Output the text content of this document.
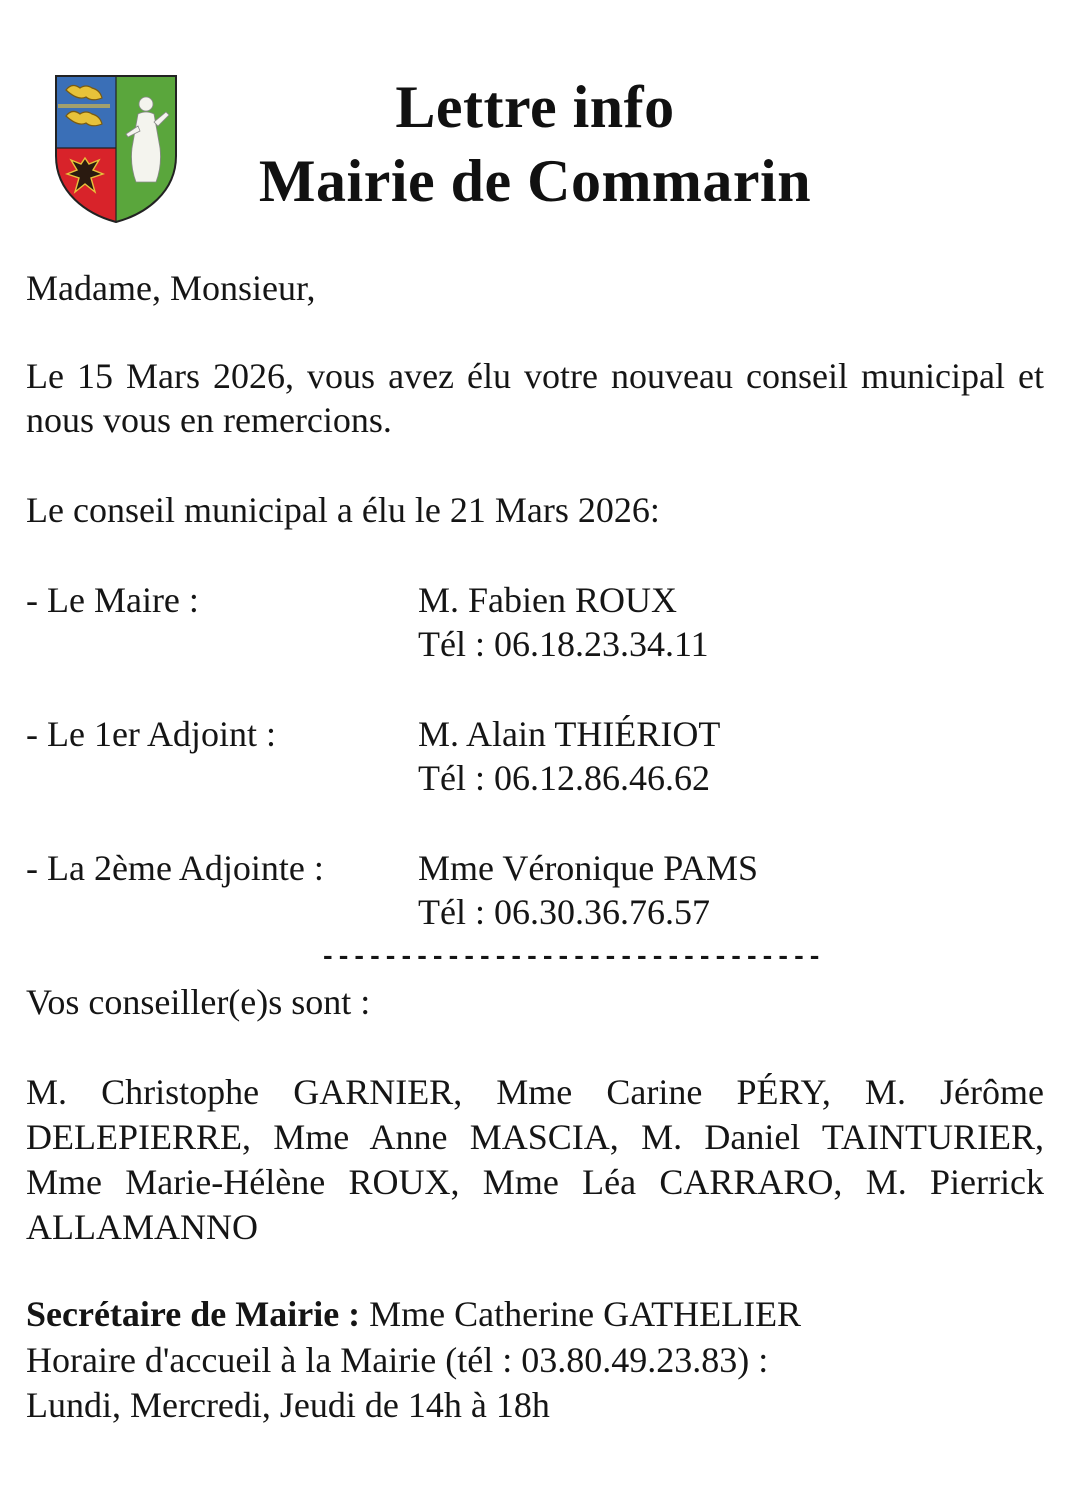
Lettre info
Mairie de Commarin
Madame, Monsieur,
Le 15 Mars 2026, vous avez élu votre nouveau conseil municipal et nous vous en remercions.
Le conseil municipal a élu le 21 Mars 2026:
- Le Maire :	M. Fabien ROUX
Tél : 06.18.23.34.11
- Le 1er Adjoint :	M. Alain THIÉRIOT
Tél : 06.12.86.46.62
- La 2ème Adjointe :	Mme Véronique PAMS
Tél : 06.30.36.76.57
--------------------------------
Vos conseiller(e)s sont :
M. Christophe GARNIER, Mme Carine PÉRY, M. Jérôme DELEPIERRE, Mme Anne MASCIA, M. Daniel TAINTURIER, Mme Marie-Hélène ROUX, Mme Léa CARRARO, M. Pierrick ALLAMANNO
Secrétaire de Mairie : Mme Catherine GATHELIER
Horaire d'accueil à la Mairie (tél : 03.80.49.23.83) :
Lundi, Mercredi, Jeudi de 14h à 18h
